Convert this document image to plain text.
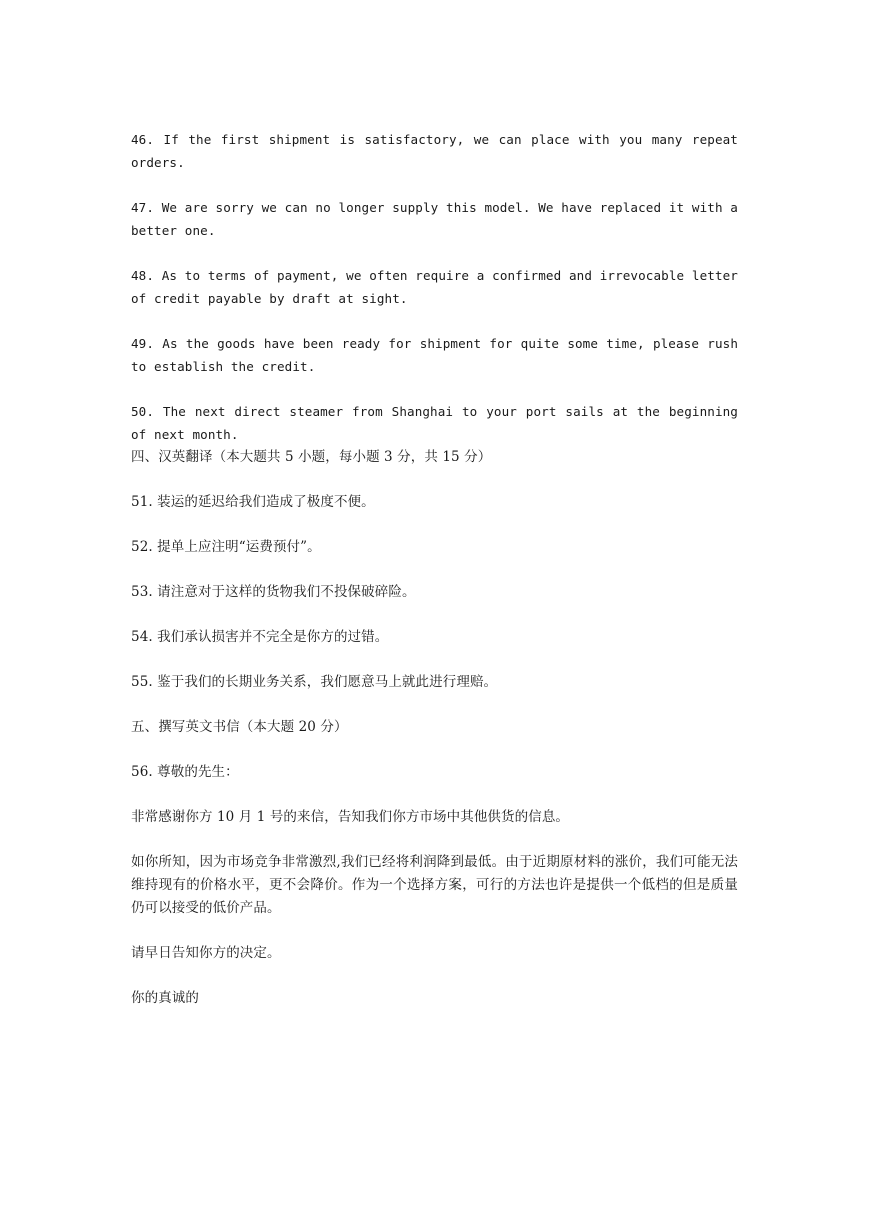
46. If the first shipment is satisfactory, we can place with you many repeat orders.

47. We are sorry we can no longer supply this model. We have replaced it with a better one.

48. As to terms of payment, we often require a confirmed and irrevocable letter of credit payable by draft at sight.

49. As the goods have been ready for shipment for quite some time, please rush to establish the credit.

50. The next direct steamer from Shanghai to your port sails at the beginning of next month.

四、汉英翻译（本大题共 5 小题，每小题 3 分，共 15 分）

51. 装运的延迟给我们造成了极度不便。

52. 提单上应注明“运费预付”。

53. 请注意对于这样的货物我们不投保破碎险。

54. 我们承认损害并不完全是你方的过错。

55. 鉴于我们的长期业务关系，我们愿意马上就此进行理赔。

五、撰写英文书信（本大题 20 分）

56. 尊敬的先生：

非常感谢你方 10 月 1 号的来信，告知我们你方市场中其他供货的信息。

如你所知，因为市场竞争非常激烈,我们已经将利润降到最低。由于近期原材料的涨价，我们可能无法维持现有的价格水平，更不会降价。作为一个选择方案，可行的方法也许是提供一个低档的但是质量仍可以接受的低价产品。

请早日告知你方的决定。

你的真诚的
